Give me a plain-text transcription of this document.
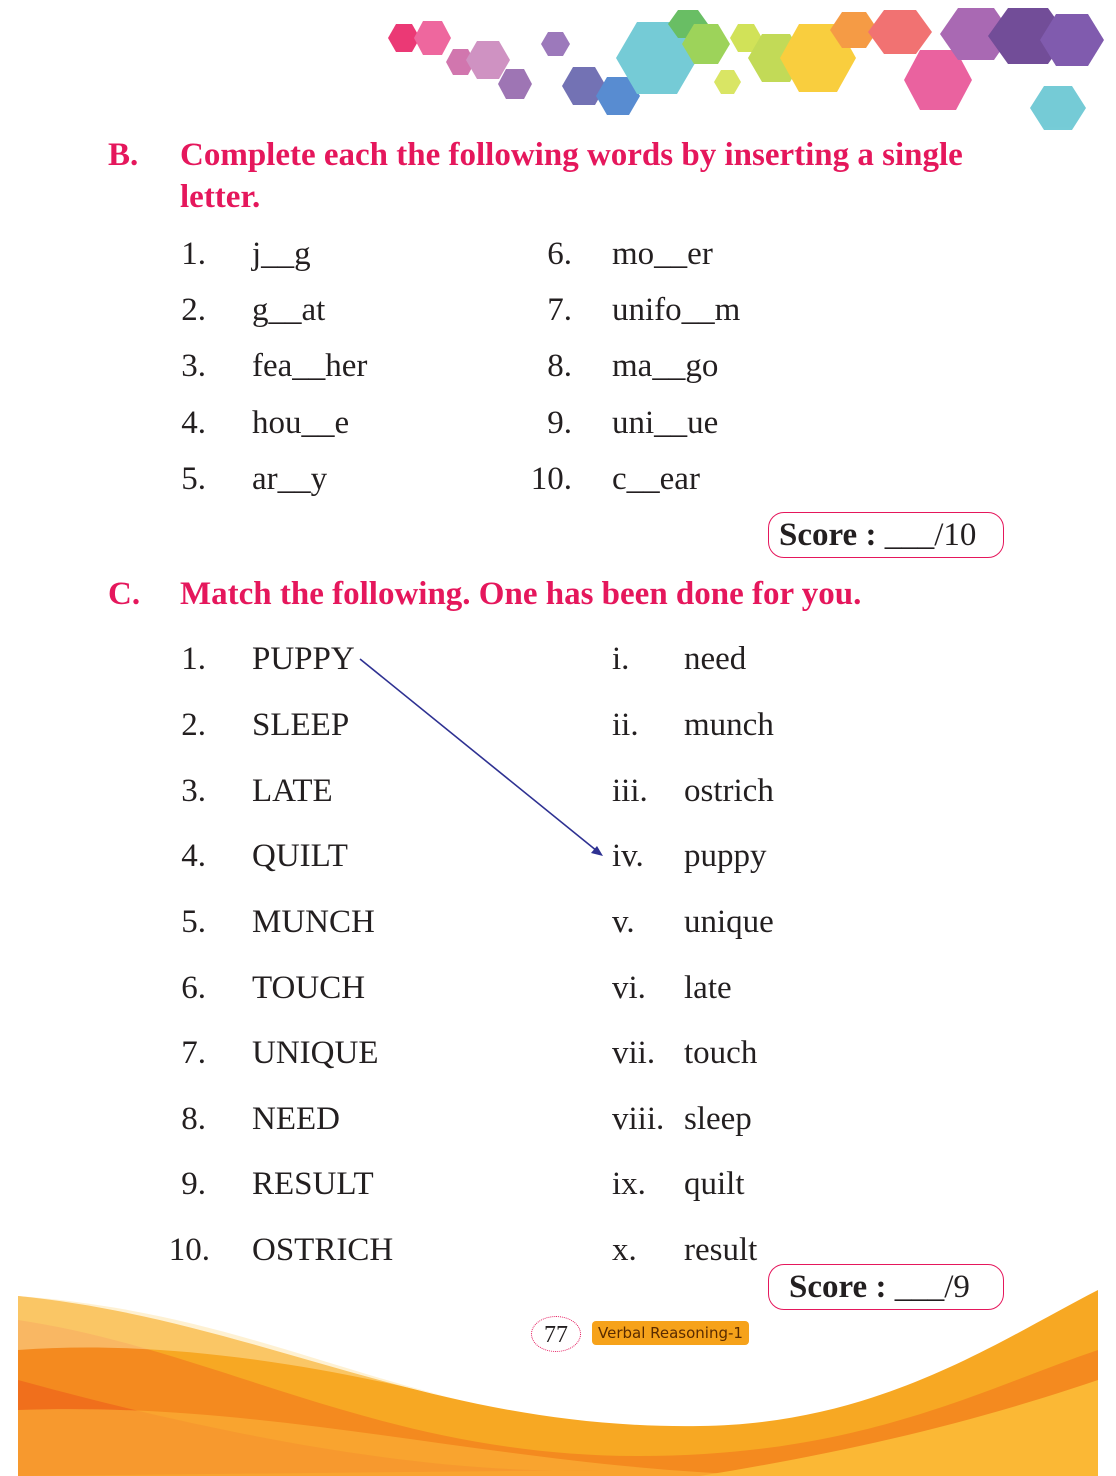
B. Complete each the following words by inserting a single letter.
1. j__g
2. g__at
3. fea__her
4. hou__e
5. ar__y
6. mo__er
7. unifo__m
8. ma__go
9. uni__ue
10. c__ear
Score : ___/10
C. Match the following. One has been done for you.
1. PUPPY
2. SLEEP
3. LATE
4. QUILT
5. MUNCH
6. TOUCH
7. UNIQUE
8. NEED
9. RESULT
10. OSTRICH
i. need
ii. munch
iii. ostrich
iv. puppy
v. unique
vi. late
vii. touch
viii. sleep
ix. quilt
x. result
Score : ___/9
77	Verbal Reasoning-1
